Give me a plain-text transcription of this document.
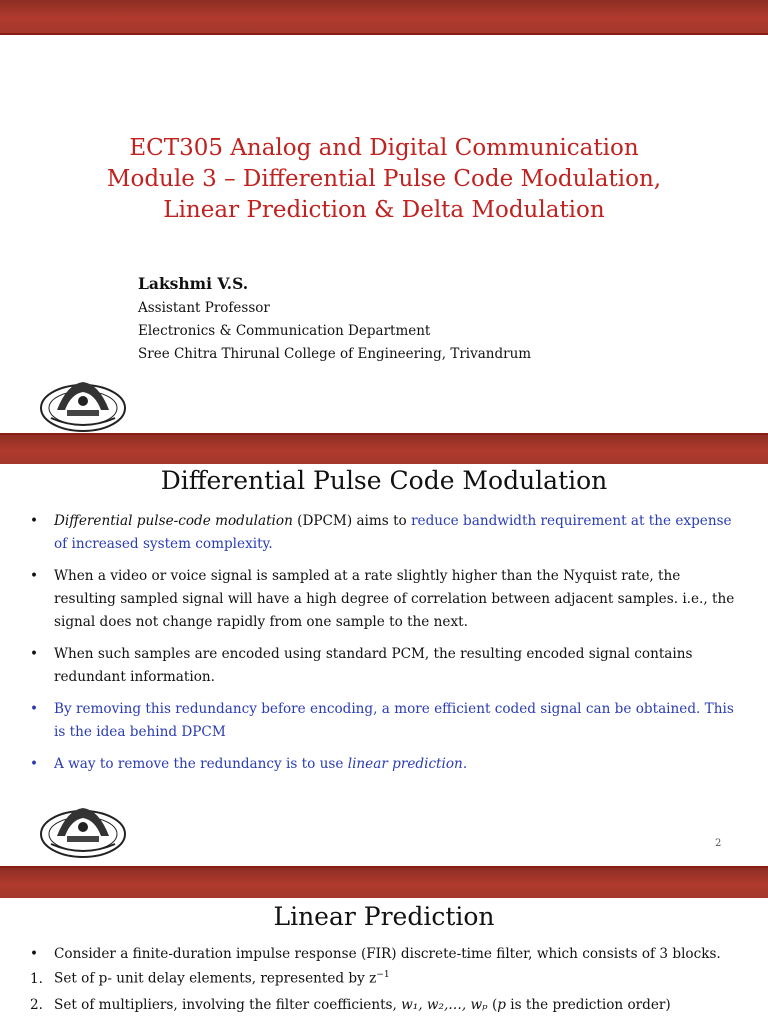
ECT305 Analog and Digital Communication
Module 3 – Differential Pulse Code Modulation,
Linear Prediction & Delta Modulation
Lakshmi V.S.
Assistant Professor
Electronics & Communication Department
Sree Chitra Thirunal College of Engineering, Trivandrum
Differential Pulse Code Modulation
• Differential pulse-code modulation (DPCM) aims to reduce bandwidth requirement at the expense of increased system complexity.
• When a video or voice signal is sampled at a rate slightly higher than the Nyquist rate, the resulting sampled signal will have a high degree of correlation between adjacent samples. i.e., the signal does not change rapidly from one sample to the next.
• When such samples are encoded using standard PCM, the resulting encoded signal contains redundant information.
• By removing this redundancy before encoding, a more efficient coded signal can be obtained. This is the idea behind DPCM
• A way to remove the redundancy is to use linear prediction.
2
Linear Prediction
• Consider a finite-duration impulse response (FIR) discrete-time filter, which consists of 3 blocks.
1. Set of p- unit delay elements, represented by $z^{-1}$
2. Set of multipliers, involving the filter coefficients, w₁, w₂,…, wₚ (p is the prediction order)
